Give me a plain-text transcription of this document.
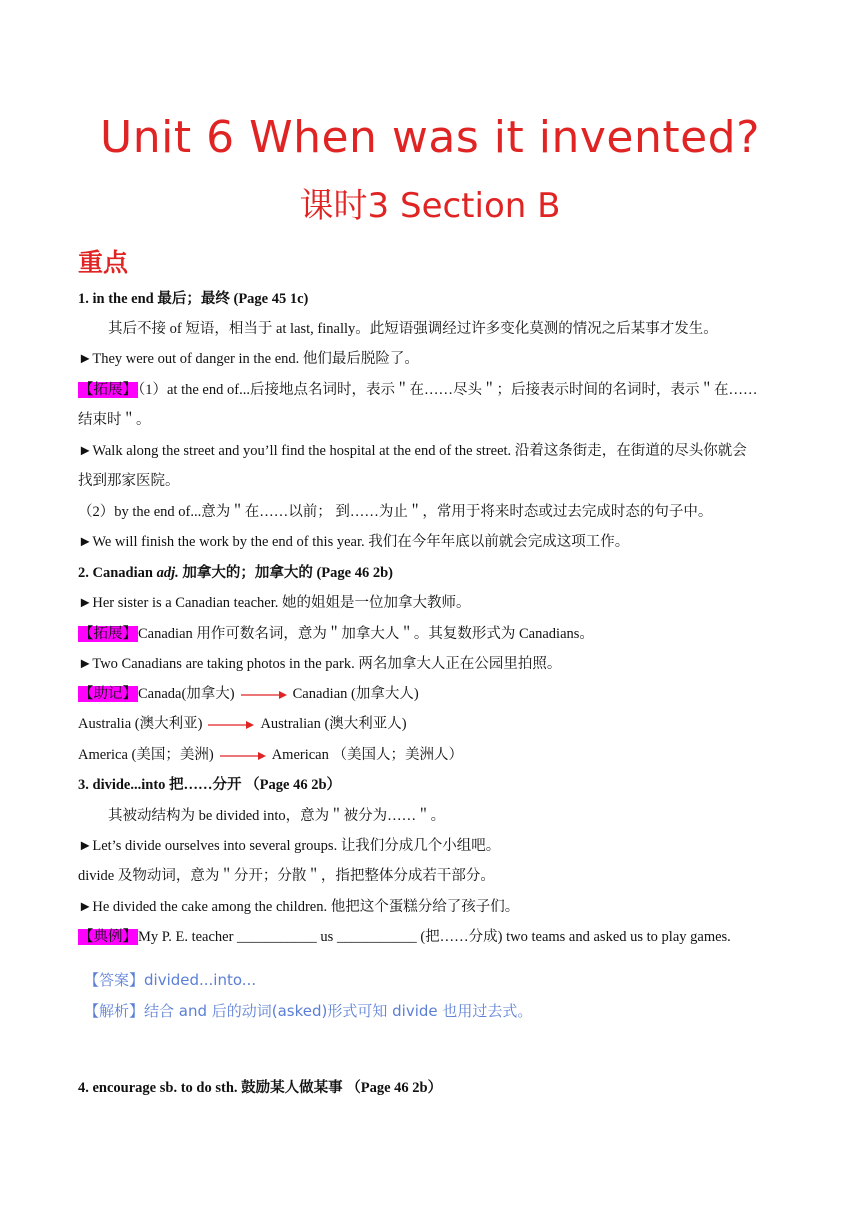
Unit 6 When was it invented?
课时3 Section B
重点
1. in the end 最后；最终 (Page 45 1c)
其后不接 of 短语，相当于 at last, finally。此短语强调经过许多变化莫测的情况之后某事才发生。
►They were out of danger in the end. 他们最后脱险了。
【拓展】（1）at the end of...后接地点名词时，表示＂在……尽头＂；后接表示时间的名词时，表示＂在……
结束时＂。
►Walk along the street and you’ll find the hospital at the end of the street. 沿着这条街走，在街道的尽头你就会
找到那家医院。
（2）by the end of...意为＂在……以前； 到……为止＂，常用于将来时态或过去完成时态的句子中。
►We will finish the work by the end of this year. 我们在今年年底以前就会完成这项工作。
2. Canadian adj. 加拿大的；加拿大的 (Page 46 2b)
►Her sister is a Canadian teacher. 她的姐姐是一位加拿大教师。
【拓展】Canadian 用作可数名词，意为＂加拿大人＂。其复数形式为 Canadians。
►Two Canadians are taking photos in the park. 两名加拿大人正在公园里拍照。
【助记】Canada(加拿大)	Canadian (加拿大人)
Australia (澳大利亚)	Australian (澳大利亚人)
America (美国；美洲)	American （美国人；美洲人）
3. divide...into 把……分开 （Page 46 2b）
其被动结构为 be divided into，意为＂被分为……＂。
►Let’s divide ourselves into several groups. 让我们分成几个小组吧。
divide 及物动词，意为＂分开；分散＂，指把整体分成若干部分。
►He divided the cake among the children. 他把这个蛋糕分给了孩子们。
【典例】My P. E. teacher ___________ us ___________ (把……分成) two teams and asked us to play games.
【答案】divided...into...
【解析】结合 and 后的动词(asked)形式可知 divide 也用过去式。
4. encourage sb. to do sth. 鼓励某人做某事 （Page 46 2b）
